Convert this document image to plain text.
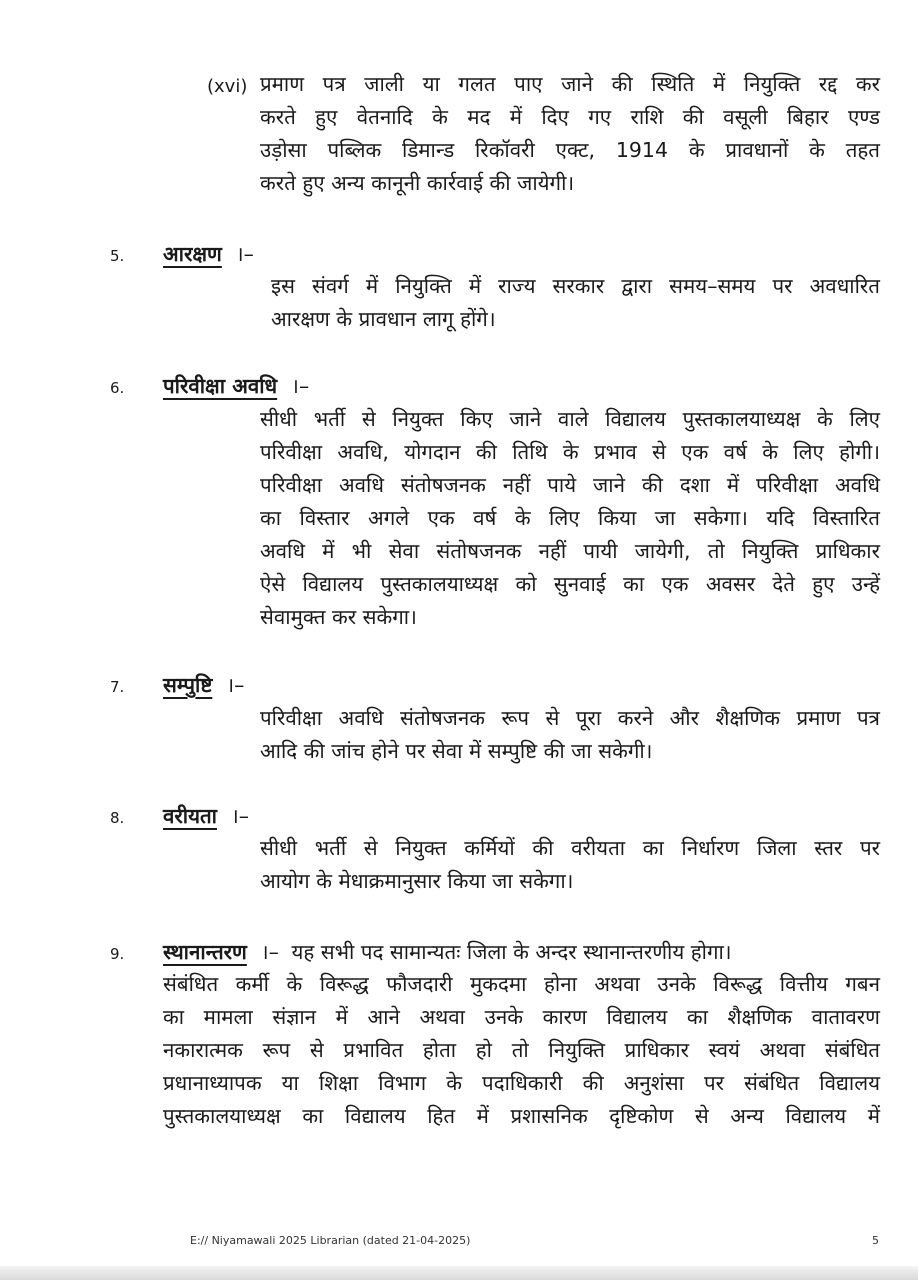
(xvi) प्रमाण पत्र जाली या गलत पाए जाने की स्थिति में नियुक्ति रद्द कर
करते हुए वेतनादि के मद में दिए गए राशि की वसूली बिहार एण्ड
उड़ोसा पब्लिक डिमान्ड रिकॉवरी एक्ट, 1914 के प्रावधानों के तहत
करते हुए अन्य कानूनी कार्रवाई की जायेगी।
5. आरक्षण ।–
इस संवर्ग में नियुक्ति में राज्य सरकार द्वारा समय–समय पर अवधारित
आरक्षण के प्रावधान लागू होंगे।
6. परिवीक्षा अवधि ।–
सीधी भर्ती से नियुक्त किए जाने वाले विद्यालय पुस्तकालयाध्यक्ष के लिए
परिवीक्षा अवधि, योगदान की तिथि के प्रभाव से एक वर्ष के लिए होगी।
परिवीक्षा अवधि संतोषजनक नहीं पाये जाने की दशा में परिवीक्षा अवधि
का विस्तार अगले एक वर्ष के लिए किया जा सकेगा। यदि विस्तारित
अवधि में भी सेवा संतोषजनक नहीं पायी जायेगी, तो नियुक्ति प्राधिकार
ऐसे विद्यालय पुस्तकालयाध्यक्ष को सुनवाई का एक अवसर देते हुए उन्हें
सेवामुक्त कर सकेगा।
7. सम्पुष्टि ।–
परिवीक्षा अवधि संतोषजनक रूप से पूरा करने और शैक्षणिक प्रमाण पत्र
आदि की जांच होने पर सेवा में सम्पुष्टि की जा सकेगी।
8. वरीयता ।–
सीधी भर्ती से नियुक्त कर्मियों की वरीयता का निर्धारण जिला स्तर पर
आयोग के मेधाक्रमानुसार किया जा सकेगा।
9. स्थानान्तरण ।– यह सभी पद सामान्यतः जिला के अन्दर स्थानान्तरणीय होगा।
संबंधित कर्मी के विरूद्ध फौजदारी मुकदमा होना अथवा उनके विरूद्ध वित्तीय गबन
का मामला संज्ञान में आने अथवा उनके कारण विद्यालय का शैक्षणिक वातावरण
नकारात्मक रूप से प्रभावित होता हो तो नियुक्ति प्राधिकार स्वयं अथवा संबंधित
प्रधानाध्यापक या शिक्षा विभाग के पदाधिकारी की अनुशंसा पर संबंधित विद्यालय
पुस्तकालयाध्यक्ष का विद्यालय हित में प्रशासनिक दृष्टिकोण से अन्य विद्यालय में
E:// Niyamawali 2025 Librarian (dated 21-04-2025)	5
